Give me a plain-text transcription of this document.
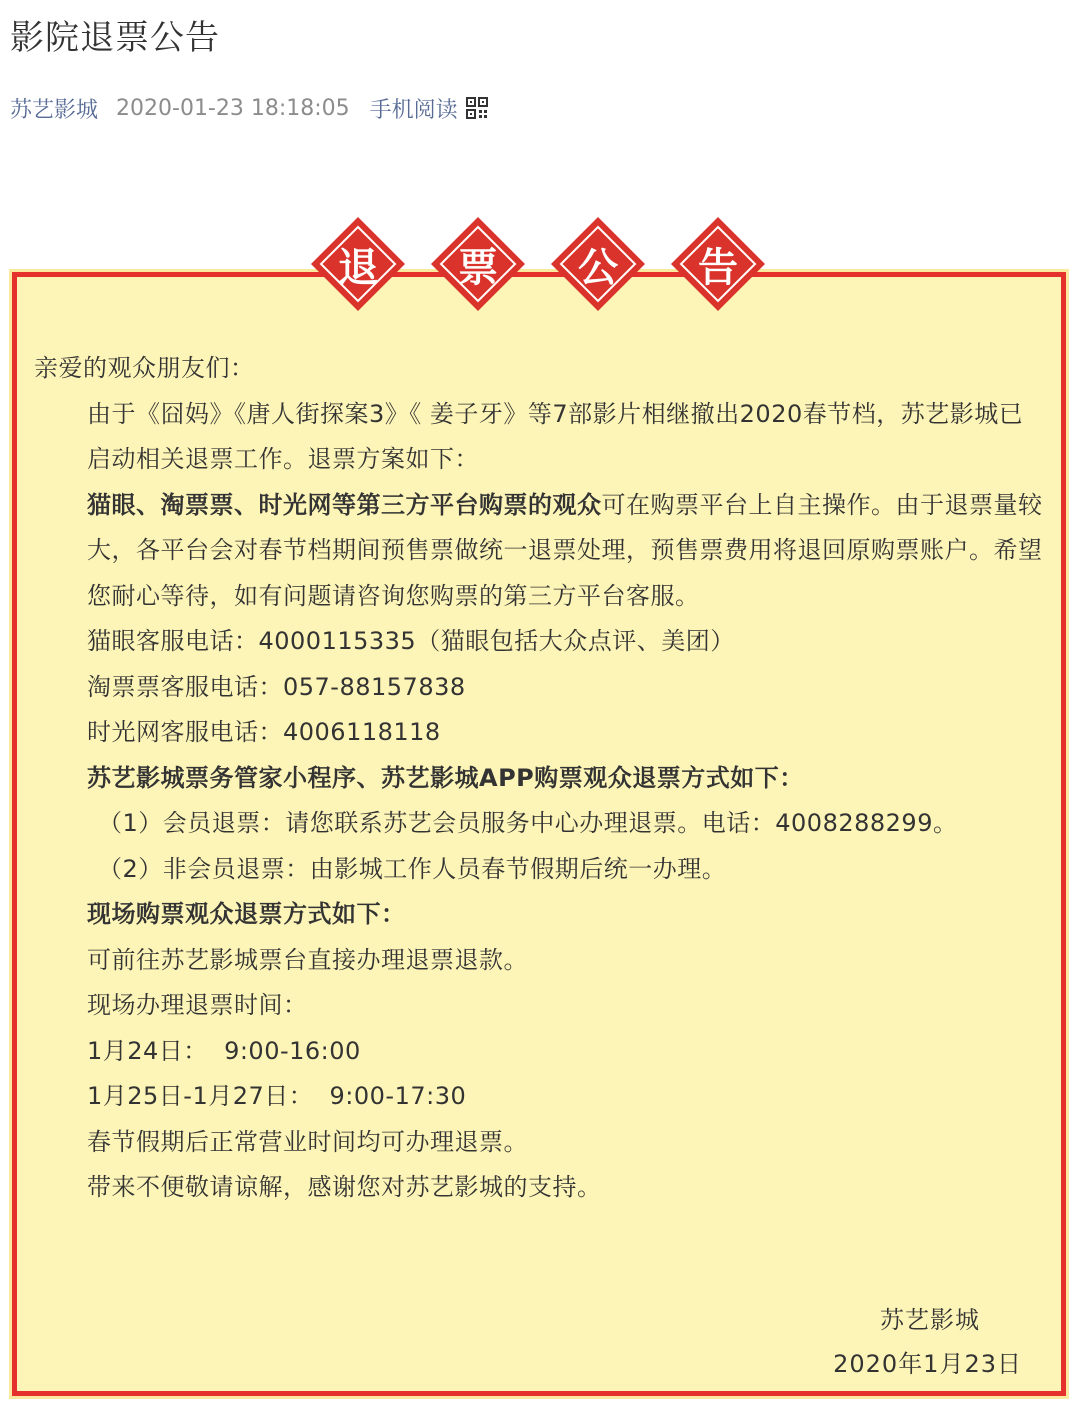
影院退票公告
苏艺影城 2020-01-23 18:18:05 手机阅读
退	票	公	告

亲爱的观众朋友们：

由于《囧妈》《唐人街探案3》《 姜子牙》等7部影片相继撤出2020春节档，苏艺影城已启动相关退票工作。退票方案如下：

猫眼、淘票票、时光网等第三方平台购票的观众可在购票平台上自主操作。由于退票量较大，各平台会对春节档期间预售票做统一退票处理，预售票费用将退回原购票账户。希望您耐心等待，如有问题请咨询您购票的第三方平台客服。

猫眼客服电话：4000115335（猫眼包括大众点评、美团）

淘票票客服电话：057-88157838

时光网客服电话：4006118118

苏艺影城票务管家小程序、苏艺影城APP购票观众退票方式如下：

（1）会员退票：请您联系苏艺会员服务中心办理退票。电话：4008288299。

（2）非会员退票：由影城工作人员春节假期后统一办理。

现场购票观众退票方式如下：

可前往苏艺影城票台直接办理退票退款。

现场办理退票时间：

1月24日：  9:00-16:00

1月25日-1月27日：  9:00-17:30

春节假期后正常营业时间均可办理退票。

带来不便敬请谅解，感谢您对苏艺影城的支持。

苏艺影城
2020年1月23日
